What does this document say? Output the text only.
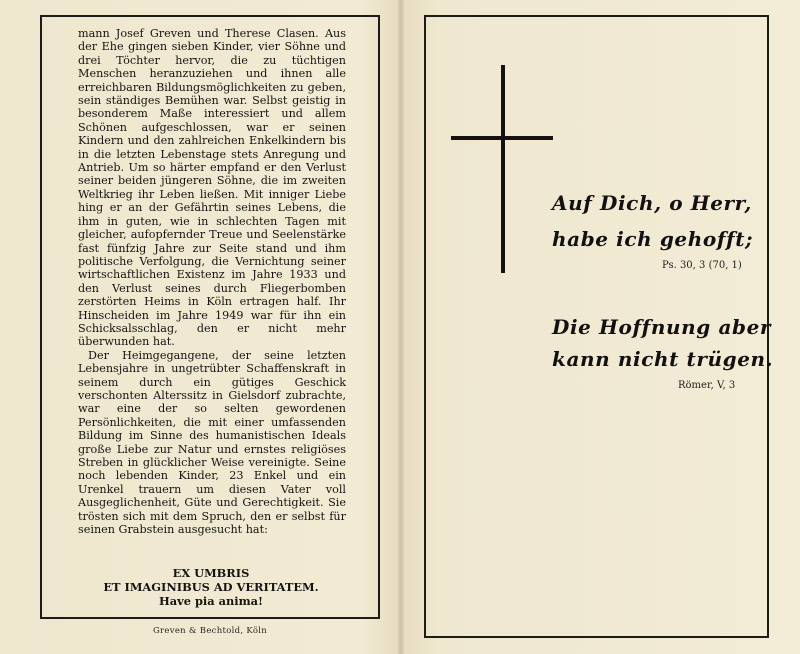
mann Josef Greven und Therese Clasen. Aus der Ehe gingen sieben Kinder, vier Söhne und drei Töchter hervor, die zu tüchtigen Menschen heranzuziehen und ihnen alle erreichbaren Bildungsmöglichkeiten zu geben, sein ständiges Bemühen war. Selbst geistig in besonderem Maße interessiert und allem Schönen aufgeschlossen, war er seinen Kindern und den zahlreichen Enkelkindern bis in die letzten Lebenstage stets Anregung und Antrieb. Um so härter empfand er den Verlust seiner beiden jüngeren Söhne, die im zweiten Weltkrieg ihr Leben ließen. Mit inniger Liebe hing er an der Gefährtin seines Lebens, die ihm in guten, wie in schlechten Tagen mit gleicher, aufopfernder Treue und Seelenstärke fast fünfzig Jahre zur Seite stand und ihm politische Verfolgung, die Vernichtung seiner wirtschaftlichen Existenz im Jahre 1933 und den Verlust seines durch Fliegerbomben zerstörten Heims in Köln ertragen half. Ihr Hinscheiden im Jahre 1949 war für ihn ein Schicksalsschlag, den er nicht mehr überwunden hat.

Der Heimgegangene, der seine letzten Lebensjahre in ungetrübter Schaffenskraft in seinem durch ein gütiges Geschick verschonten Alterssitz in Gielsdorf zubrachte, war eine der so selten gewordenen Persönlichkeiten, die mit einer umfassenden Bildung im Sinne des humanistischen Ideals große Liebe zur Natur und ernstes religiöses Streben in glücklicher Weise vereinigte. Seine noch lebenden Kinder, 23 Enkel und ein Urenkel trauern um diesen Vater voll Ausgeglichenheit, Güte und Gerechtigkeit. Sie trösten sich mit dem Spruch, den er selbst für seinen Grabstein ausgesucht hat:

EX UMBRIS
ET IMAGINIBUS AD VERITATEM.
Have pia anima!
Greven & Bechtold, Köln
Auf Dich, o Herr,
habe ich gehofft;
Ps. 30, 3 (70, 1)
Die Hoffnung aber
kann nicht trügen.
Römer, V, 3
